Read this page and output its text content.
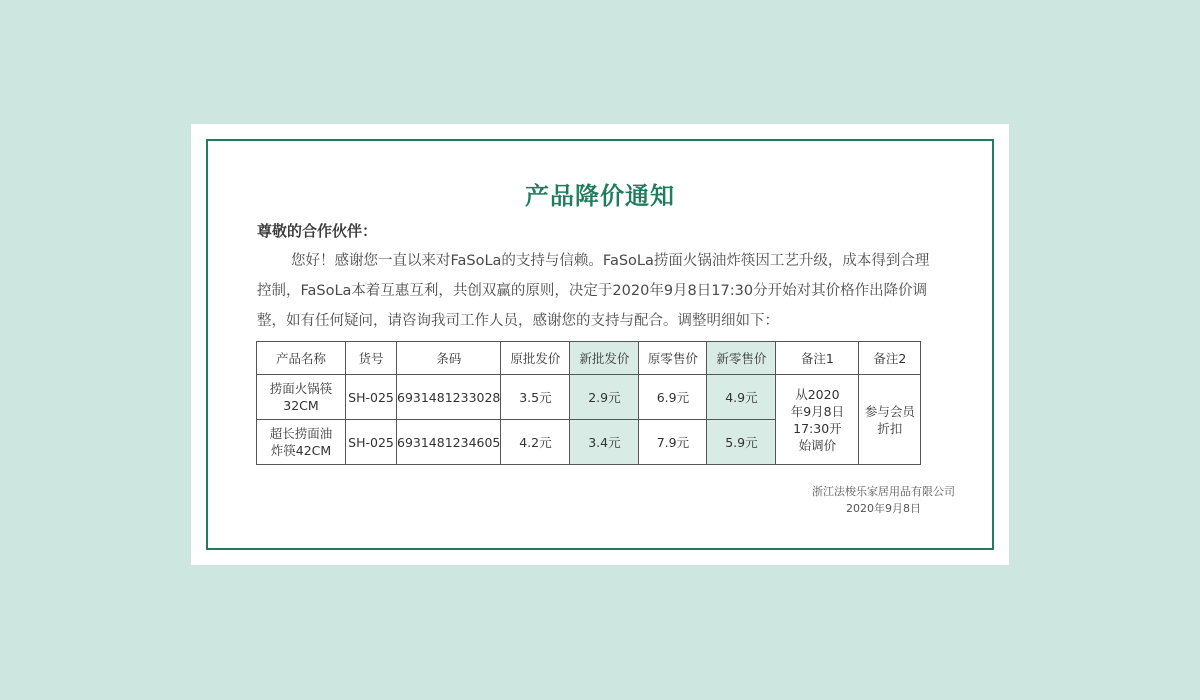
产品降价通知
尊敬的合作伙伴：

您好！感谢您一直以来对FaSoLa的支持与信赖。FaSoLa捞面火锅油炸筷因工艺升级，成本得到合理控制，FaSoLa本着互惠互利，共创双赢的原则，决定于2020年9月8日17:30分开始对其价格作出降价调整，如有任何疑问，请咨询我司工作人员，感谢您的支持与配合。调整明细如下：

产品名称	货号	条码	原批发价	新批发价	原零售价	新零售价	备注1	备注2

捞面火锅筷32CM	SH-025	6931481233028	3.5元	2.9元	6.9元	4.9元	从2020年9月8日17:30开始调价	参与会员折扣

超长捞面油炸筷42CM	SH-025	6931481234605	4.2元	3.4元	7.9元	5.9元		
浙江法梭乐家居用品有限公司
2020年9月8日
